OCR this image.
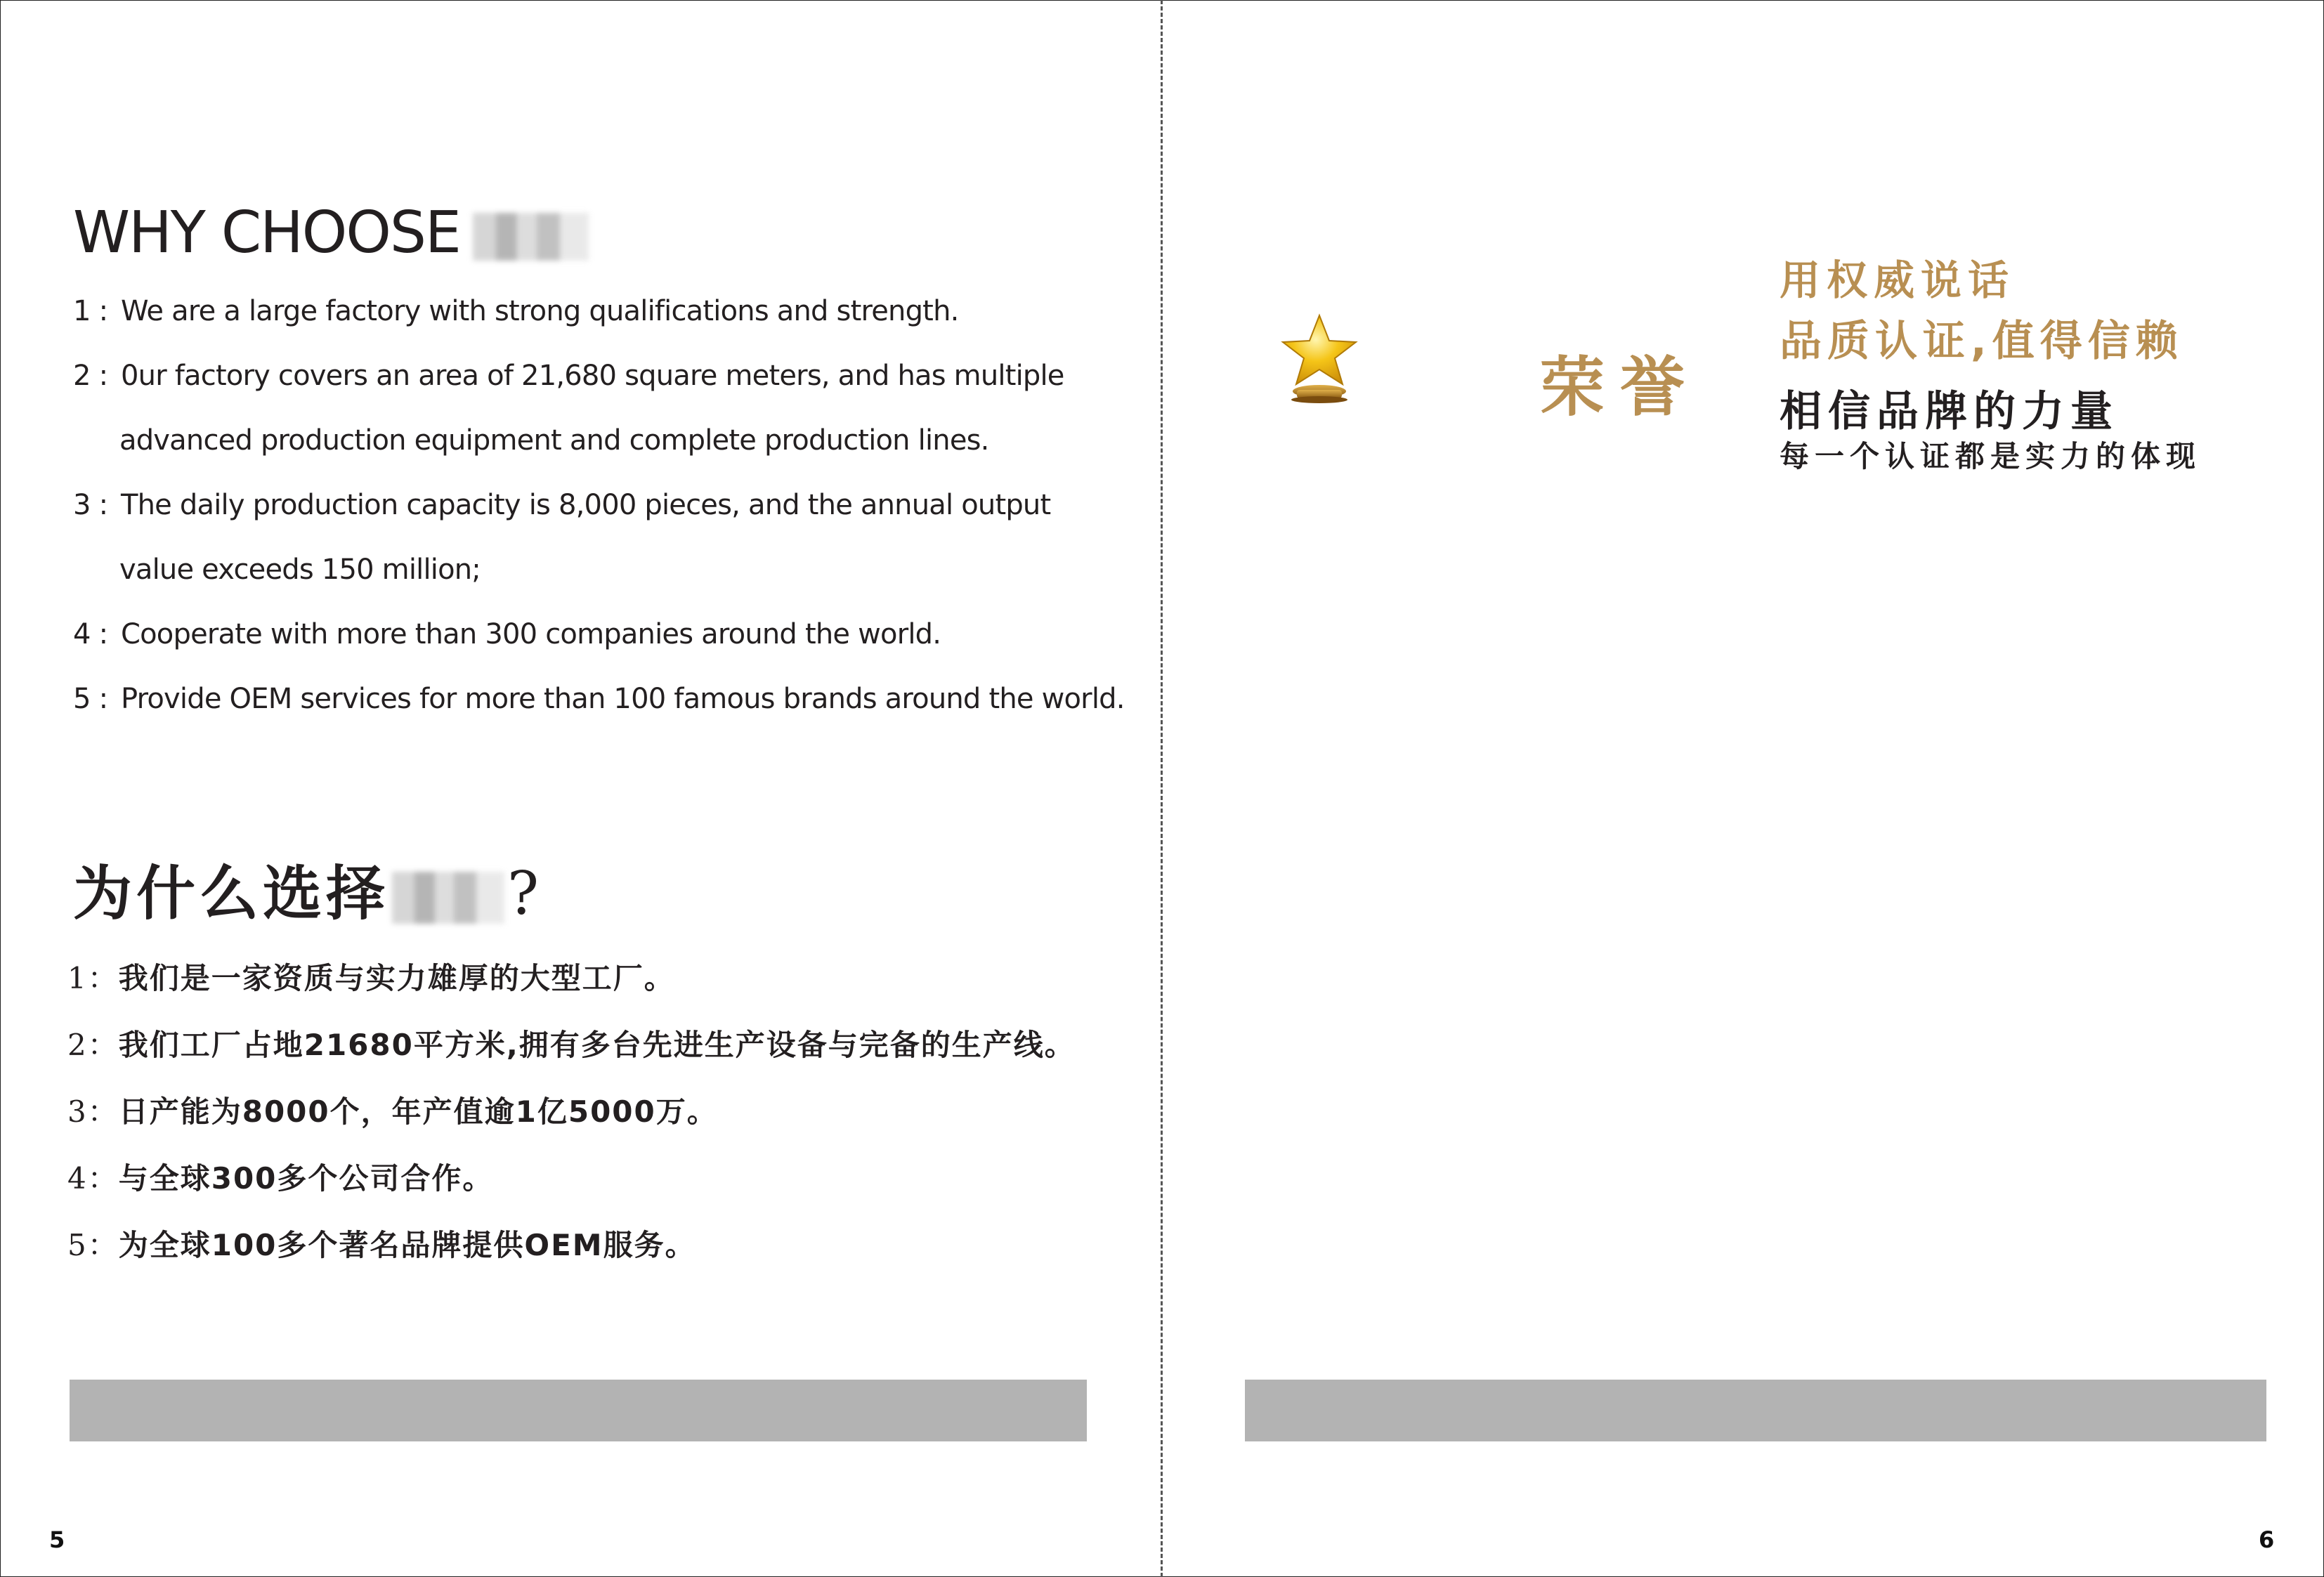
WHY CHOOSE
1 : We are a large factory with strong qualifications and strength.
2 : 0ur factory covers an area of 21,680 square meters, and has multiple
advanced production equipment and complete production lines.
3 : The daily production capacity is 8,000 pieces, and the annual output
value exceeds 150 million;
4 : Cooperate with more than 300 companies around the world.
5 : Provide OEM services for more than 100 famous brands around the world.
为什么选择 ?
1：我们是一家资质与实力雄厚的大型工厂。
2：我们工厂占地21680平方米,拥有多台先进生产设备与完备的生产线。
3：日产能为8000个，年产值逾1亿5000万。
4：与全球300多个公司合作。
5：为全球100多个著名品牌提供OEM服务。
5
荣誉
用权威说话
品质认证,值得信赖
相信品牌的力量
每一个认证都是实力的体现
6
